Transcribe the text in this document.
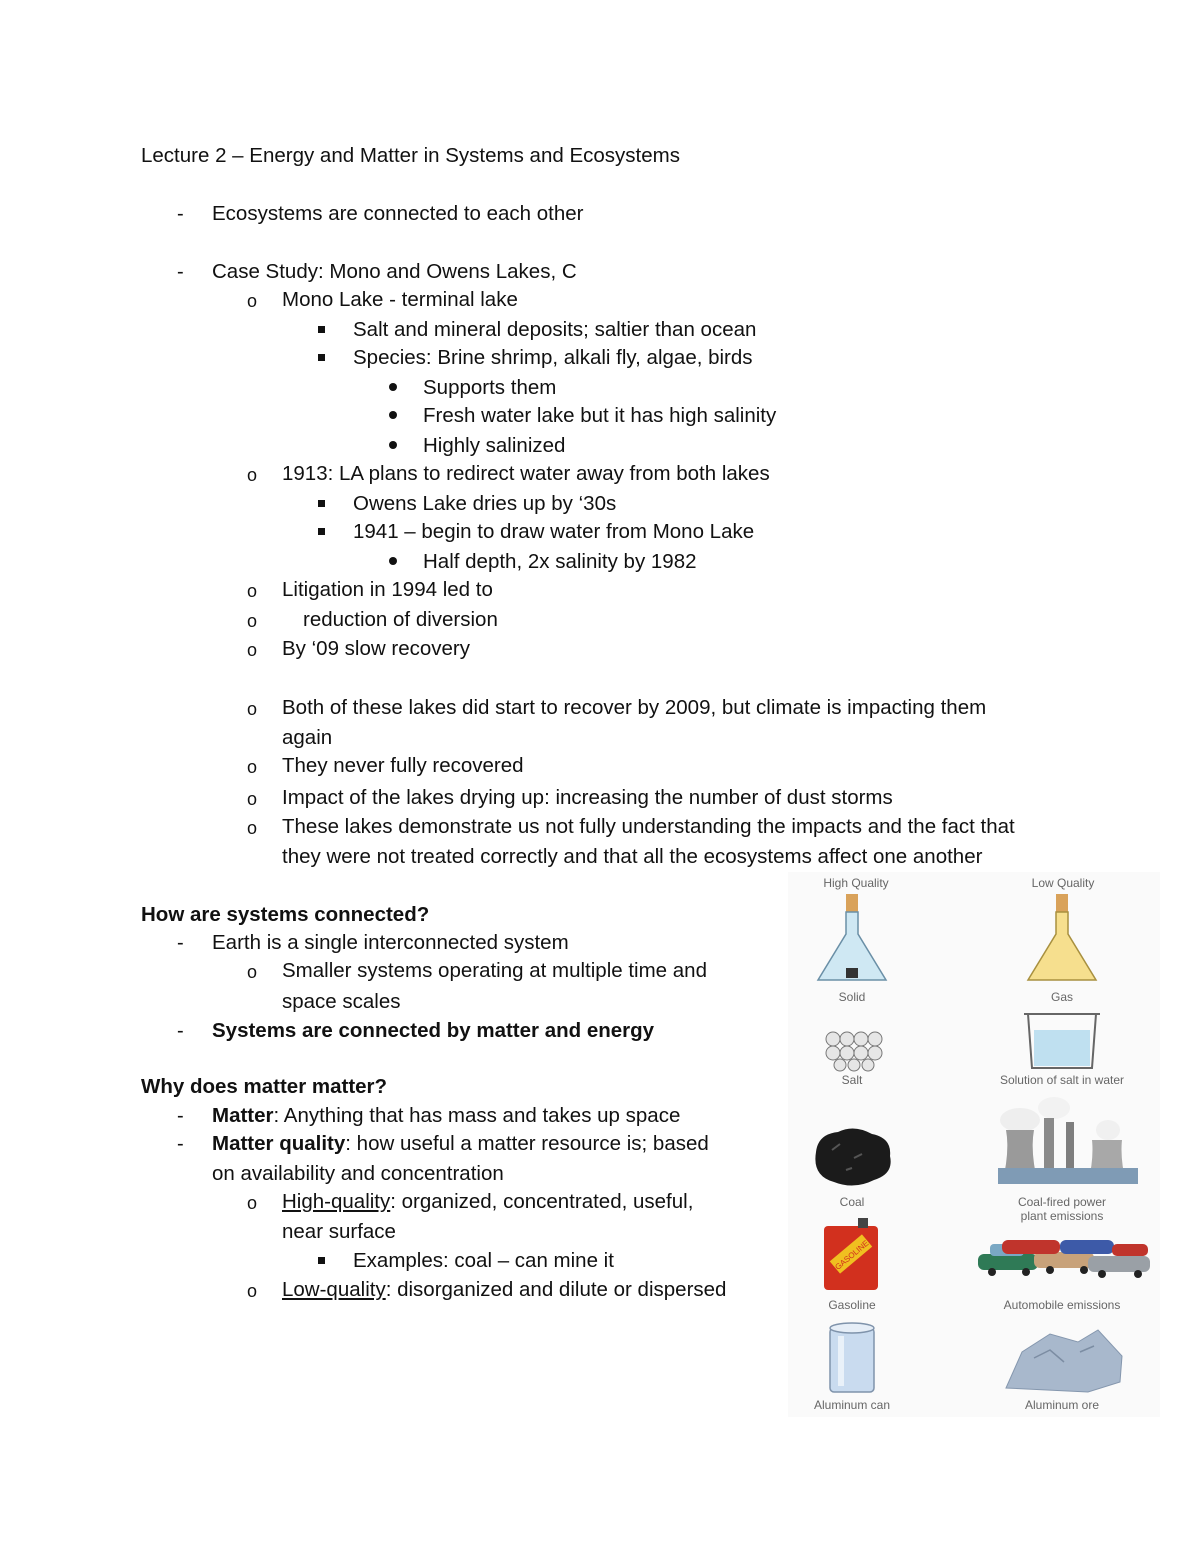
Lecture 2 – Energy and Matter in Systems and Ecosystems
- Ecosystems are connected to each other
- Case Study: Mono and Owens Lakes, C
o Mono Lake - terminal lake
Salt and mineral deposits; saltier than ocean
Species: Brine shrimp, alkali fly, algae, birds
Supports them
Fresh water lake but it has high salinity
Highly salinized
o 1913: LA plans to redirect water away from both lakes
Owens Lake dries up by ‘30s
1941 – begin to draw water from Mono Lake
Half depth, 2x salinity by 1982
o Litigation in 1994 led to
o reduction of diversion
o By ‘09 slow recovery
o Both of these lakes did start to recover by 2009, but climate is impacting them
again
o They never fully recovered
o Impact of the lakes drying up: increasing the number of dust storms
o These lakes demonstrate us not fully understanding the impacts and the fact that
they were not treated correctly and that all the ecosystems affect one another
How are systems connected?
- Earth is a single interconnected system
o Smaller systems operating at multiple time and
space scales
- Systems are connected by matter and energy
Why does matter matter?
- Matter: Anything that has mass and takes up space
- Matter quality: how useful a matter resource is; based
on availability and concentration
o High-quality: organized, concentrated, useful,
near surface
Examples: coal – can mine it
o Low-quality: disorganized and dilute or dispersed
High Quality	Low Quality
GASOLINE
Solid	Gas
Salt	Solution of salt in water
Coal	Coal-fired power
plant emissions
Gasoline	Automobile emissions
Aluminum can	Aluminum ore
